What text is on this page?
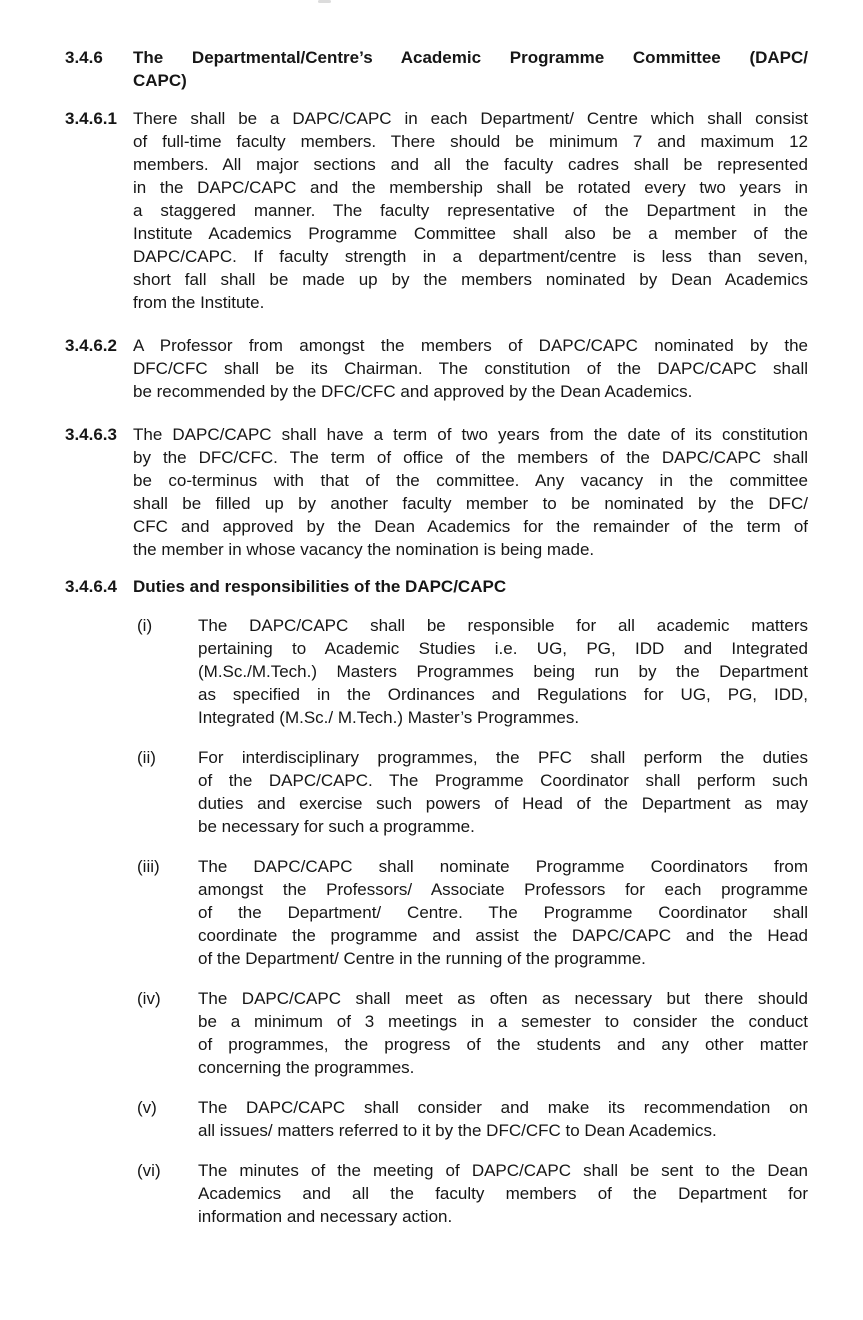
3.4.6	The Departmental/Centre’s Academic Programme Committee (DAPC/
CAPC)
3.4.6.1 There shall be a DAPC/CAPC in each Department/ Centre which shall consist
of full-time faculty members. There should be minimum 7 and maximum 12
members. All major sections and all the faculty cadres shall be represented
in the DAPC/CAPC and the membership shall be rotated every two years in
a staggered manner. The faculty representative of the Department in the
Institute Academics Programme Committee shall also be a member of the
DAPC/CAPC. If faculty strength in a department/centre is less than seven,
short fall shall be made up by the members nominated by Dean Academics
from the Institute.
3.4.6.2 A Professor from amongst the members of DAPC/CAPC nominated by the
DFC/CFC shall be its Chairman. The constitution of the DAPC/CAPC shall
be recommended by the DFC/CFC and approved by the Dean Academics.
3.4.6.3 The DAPC/CAPC shall have a term of two years from the date of its constitution
by the DFC/CFC. The term of office of the members of the DAPC/CAPC shall
be co-terminus with that of the committee. Any vacancy in the committee
shall be filled up by another faculty member to be nominated by the DFC/
CFC and approved by the Dean Academics for the remainder of the term of
the member in whose vacancy the nomination is being made.
3.4.6.4 Duties and responsibilities of the DAPC/CAPC
(i)	The DAPC/CAPC shall be responsible for all academic matters
pertaining to Academic Studies i.e. UG, PG, IDD and Integrated
(M.Sc./M.Tech.) Masters Programmes being run by the Department
as specified in the Ordinances and Regulations for UG, PG, IDD,
Integrated (M.Sc./ M.Tech.) Master’s Programmes.
(ii)	For interdisciplinary programmes, the PFC shall perform the duties
of the DAPC/CAPC. The Programme Coordinator shall perform such
duties and exercise such powers of Head of the Department as may
be necessary for such a programme.
(iii)	The DAPC/CAPC shall nominate Programme Coordinators from
amongst the Professors/ Associate Professors for each programme
of the Department/ Centre. The Programme Coordinator shall
coordinate the programme and assist the DAPC/CAPC and the Head
of the Department/ Centre in the running of the programme.
(iv)	The DAPC/CAPC shall meet as often as necessary but there should
be a minimum of 3 meetings in a semester to consider the conduct
of programmes, the progress of the students and any other matter
concerning the programmes.
(v)	The DAPC/CAPC shall consider and make its recommendation on
all issues/ matters referred to it by the DFC/CFC to Dean Academics.
(vi)	The minutes of the meeting of DAPC/CAPC shall be sent to the Dean
Academics and all the faculty members of the Department for
information and necessary action.
